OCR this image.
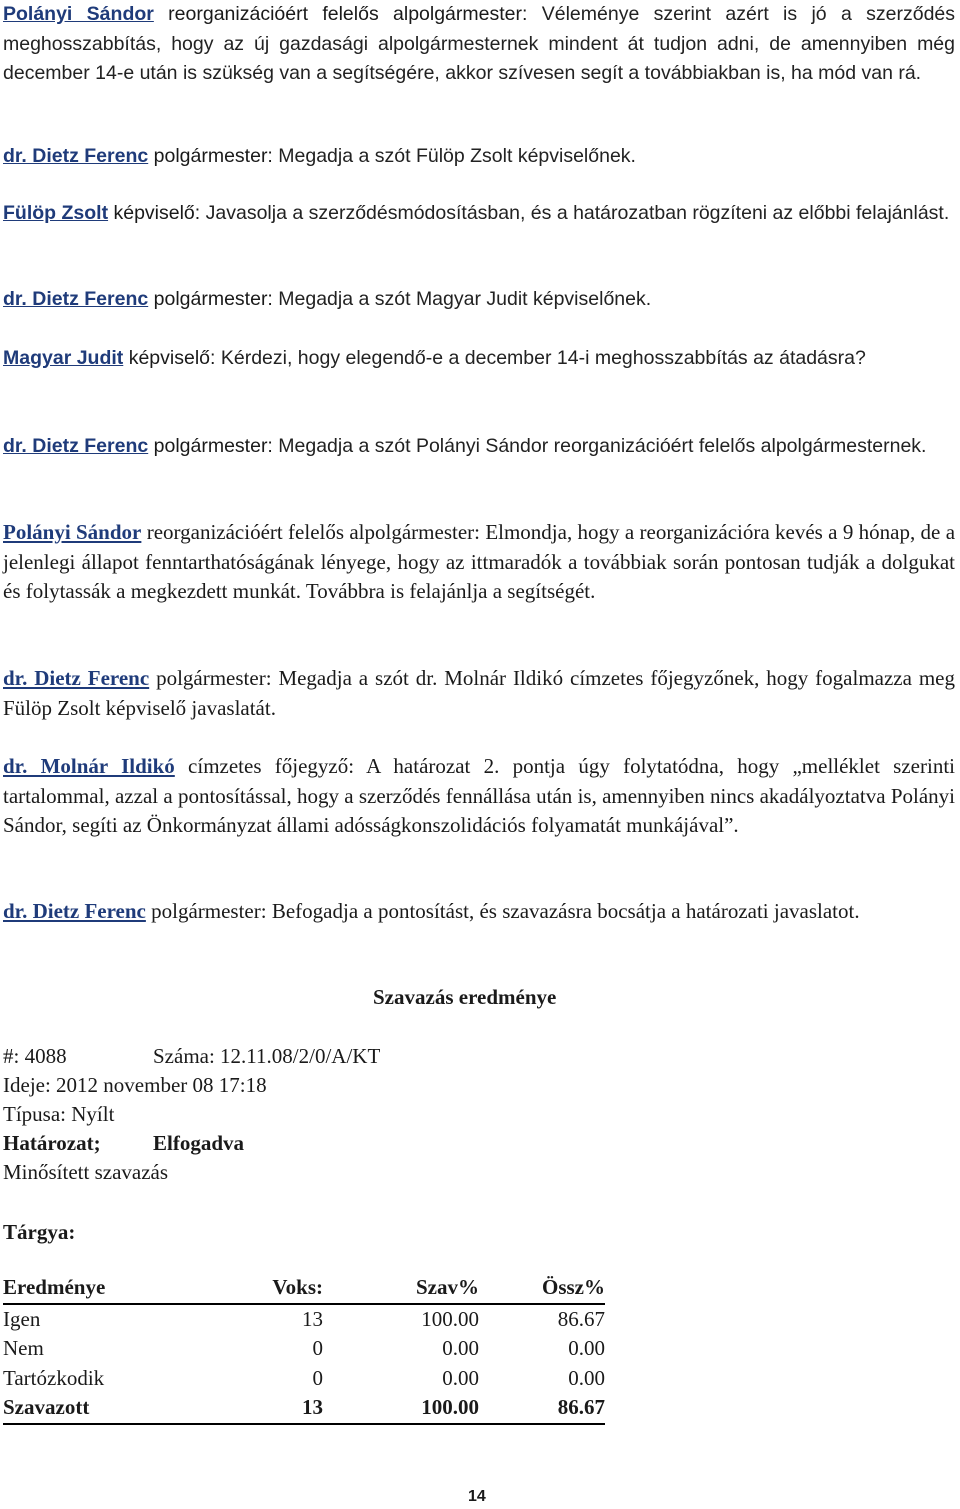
Polányi Sándor reorganizációért felelős alpolgármester: Véleménye szerint azért is jó a szerződés meghosszabbítás, hogy az új gazdasági alpolgármesternek mindent át tudjon adni, de amennyiben még december 14-e után is szükség van a segítségére, akkor szívesen segít a továbbiakban is, ha mód van rá.
dr. Dietz Ferenc polgármester: Megadja a szót Fülöp Zsolt képviselőnek.
Fülöp Zsolt képviselő: Javasolja a szerződésmódosításban, és a határozatban rögzíteni az előbbi felajánlást.
dr. Dietz Ferenc polgármester: Megadja a szót Magyar Judit képviselőnek.
Magyar Judit képviselő: Kérdezi, hogy elegendő-e a december 14-i meghosszabbítás az átadásra?
dr. Dietz Ferenc polgármester: Megadja a szót Polányi Sándor reorganizációért felelős alpolgármesternek.
Polányi Sándor reorganizációért felelős alpolgármester: Elmondja, hogy a reorganizációra kevés a 9 hónap, de a jelenlegi állapot fenntarthatóságának lényege, hogy az ittmaradók a továbbiak során pontosan tudják a dolgukat és folytassák a megkezdett munkát. Továbbra is felajánlja a segítségét.
dr. Dietz Ferenc polgármester: Megadja a szót dr. Molnár Ildikó címzetes főjegyzőnek, hogy fogalmazza meg Fülöp Zsolt képviselő javaslatát.
dr. Molnár Ildikó címzetes főjegyző: A határozat 2. pontja úgy folytatódna, hogy „melléklet szerinti tartalommal, azzal a pontosítással, hogy a szerződés fennállása után is, amennyiben nincs akadályoztatva Polányi Sándor, segíti az Önkormányzat állami adósságkonszolidációs folyamatát munkájával”.
dr. Dietz Ferenc polgármester: Befogadja a pontosítást, és szavazásra bocsátja a határozati javaslatot.
Szavazás eredménye
#: 4088	Száma: 12.11.08/2/0/A/KT
Ideje: 2012 november 08 17:18
Típusa: Nyílt
Határozat; Elfogadva
Minősített szavazás
Tárgya:
Eredménye	Voks:	Szav%	Össz%
Igen	13	100.00	86.67
Nem	0	0.00	0.00
Tartózkodik	0	0.00	0.00
Szavazott	13	100.00	86.67
14
